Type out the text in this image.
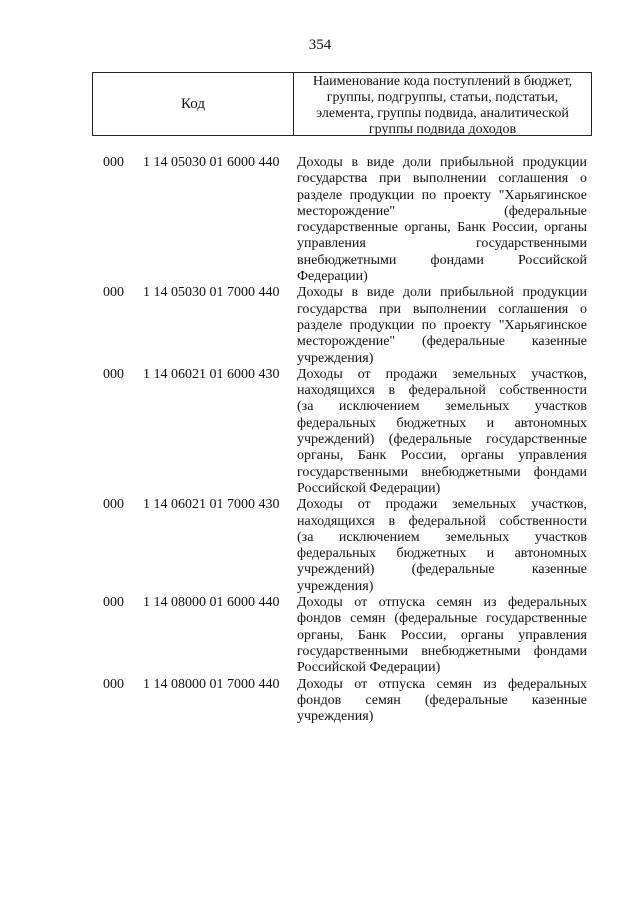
354
Код
Наименование кода поступлений в бюджет,
группы, подгруппы, статьи, подстатьи,
элемента, группы подвида, аналитической
группы подвида доходов
000	1 14 05030 01 6000 440	Доходы в виде доли прибыльной продукции
государства при выполнении соглашения о
разделе продукции по проекту "Харьягинское
месторождение" (федеральные
государственные органы, Банк России, органы
управления государственными
внебюджетными фондами Российской
Федерации)
000	1 14 05030 01 7000 440	Доходы в виде доли прибыльной продукции
государства при выполнении соглашения о
разделе продукции по проекту "Харьягинское
месторождение" (федеральные казенные
учреждения)
000	1 14 06021 01 6000 430	Доходы от продажи земельных участков,
находящихся в федеральной собственности
(за исключением земельных участков
федеральных бюджетных и автономных
учреждений) (федеральные государственные
органы, Банк России, органы управления
государственными внебюджетными фондами
Российской Федерации)
000	1 14 06021 01 7000 430	Доходы от продажи земельных участков,
находящихся в федеральной собственности
(за исключением земельных участков
федеральных бюджетных и автономных
учреждений) (федеральные казенные
учреждения)
000	1 14 08000 01 6000 440	Доходы от отпуска семян из федеральных
фондов семян (федеральные государственные
органы, Банк России, органы управления
государственными внебюджетными фондами
Российской Федерации)
000	1 14 08000 01 7000 440	Доходы от отпуска семян из федеральных
фондов семян (федеральные казенные
учреждения)
